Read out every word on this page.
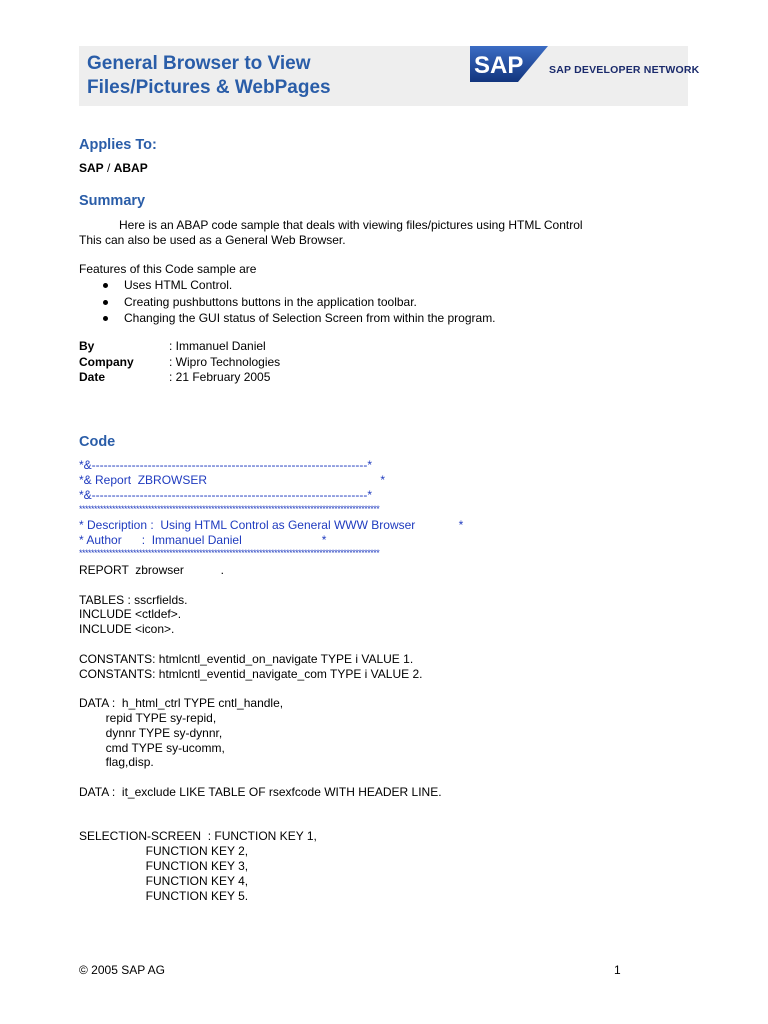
General Browser to View
Files/Pictures & WebPages
SAP SAP DEVELOPER NETWORK
Applies To:
SAP / ABAP
Summary
Here is an ABAP code sample that deals with viewing files/pictures using HTML Control
This can also be used as a General Web Browser.
Features of this Code sample are
Uses HTML Control.
Creating pushbuttons buttons in the application toolbar.
Changing the GUI status of Selection Screen from within the program.
By	: Immanuel Daniel
Company	: Wipro Technologies
Date	: 21 February 2005
Code
*&---------------------------------------------------------------------*
*& Report  ZBROWSER                                                    *
*&---------------------------------------------------------------------*
****************************************************************************************************
* Description :  Using HTML Control as General WWW Browser             *
* Author      :  Immanuel Daniel                        *
****************************************************************************************************
REPORT  zbrowser           .

TABLES : sscrfields.
INCLUDE <ctldef>.
INCLUDE <icon>.

CONSTANTS: htmlcntl_eventid_on_navigate TYPE i VALUE 1.
CONSTANTS: htmlcntl_eventid_navigate_com TYPE i VALUE 2.

DATA :  h_html_ctrl TYPE cntl_handle,
repid TYPE sy-repid,
dynnr TYPE sy-dynnr,
cmd TYPE sy-ucomm,
flag,disp.

DATA :  it_exclude LIKE TABLE OF rsexfcode WITH HEADER LINE.

SELECTION-SCREEN  : FUNCTION KEY 1,
FUNCTION KEY 2,
FUNCTION KEY 3,
FUNCTION KEY 4,
FUNCTION KEY 5.
© 2005 SAP AG	1
